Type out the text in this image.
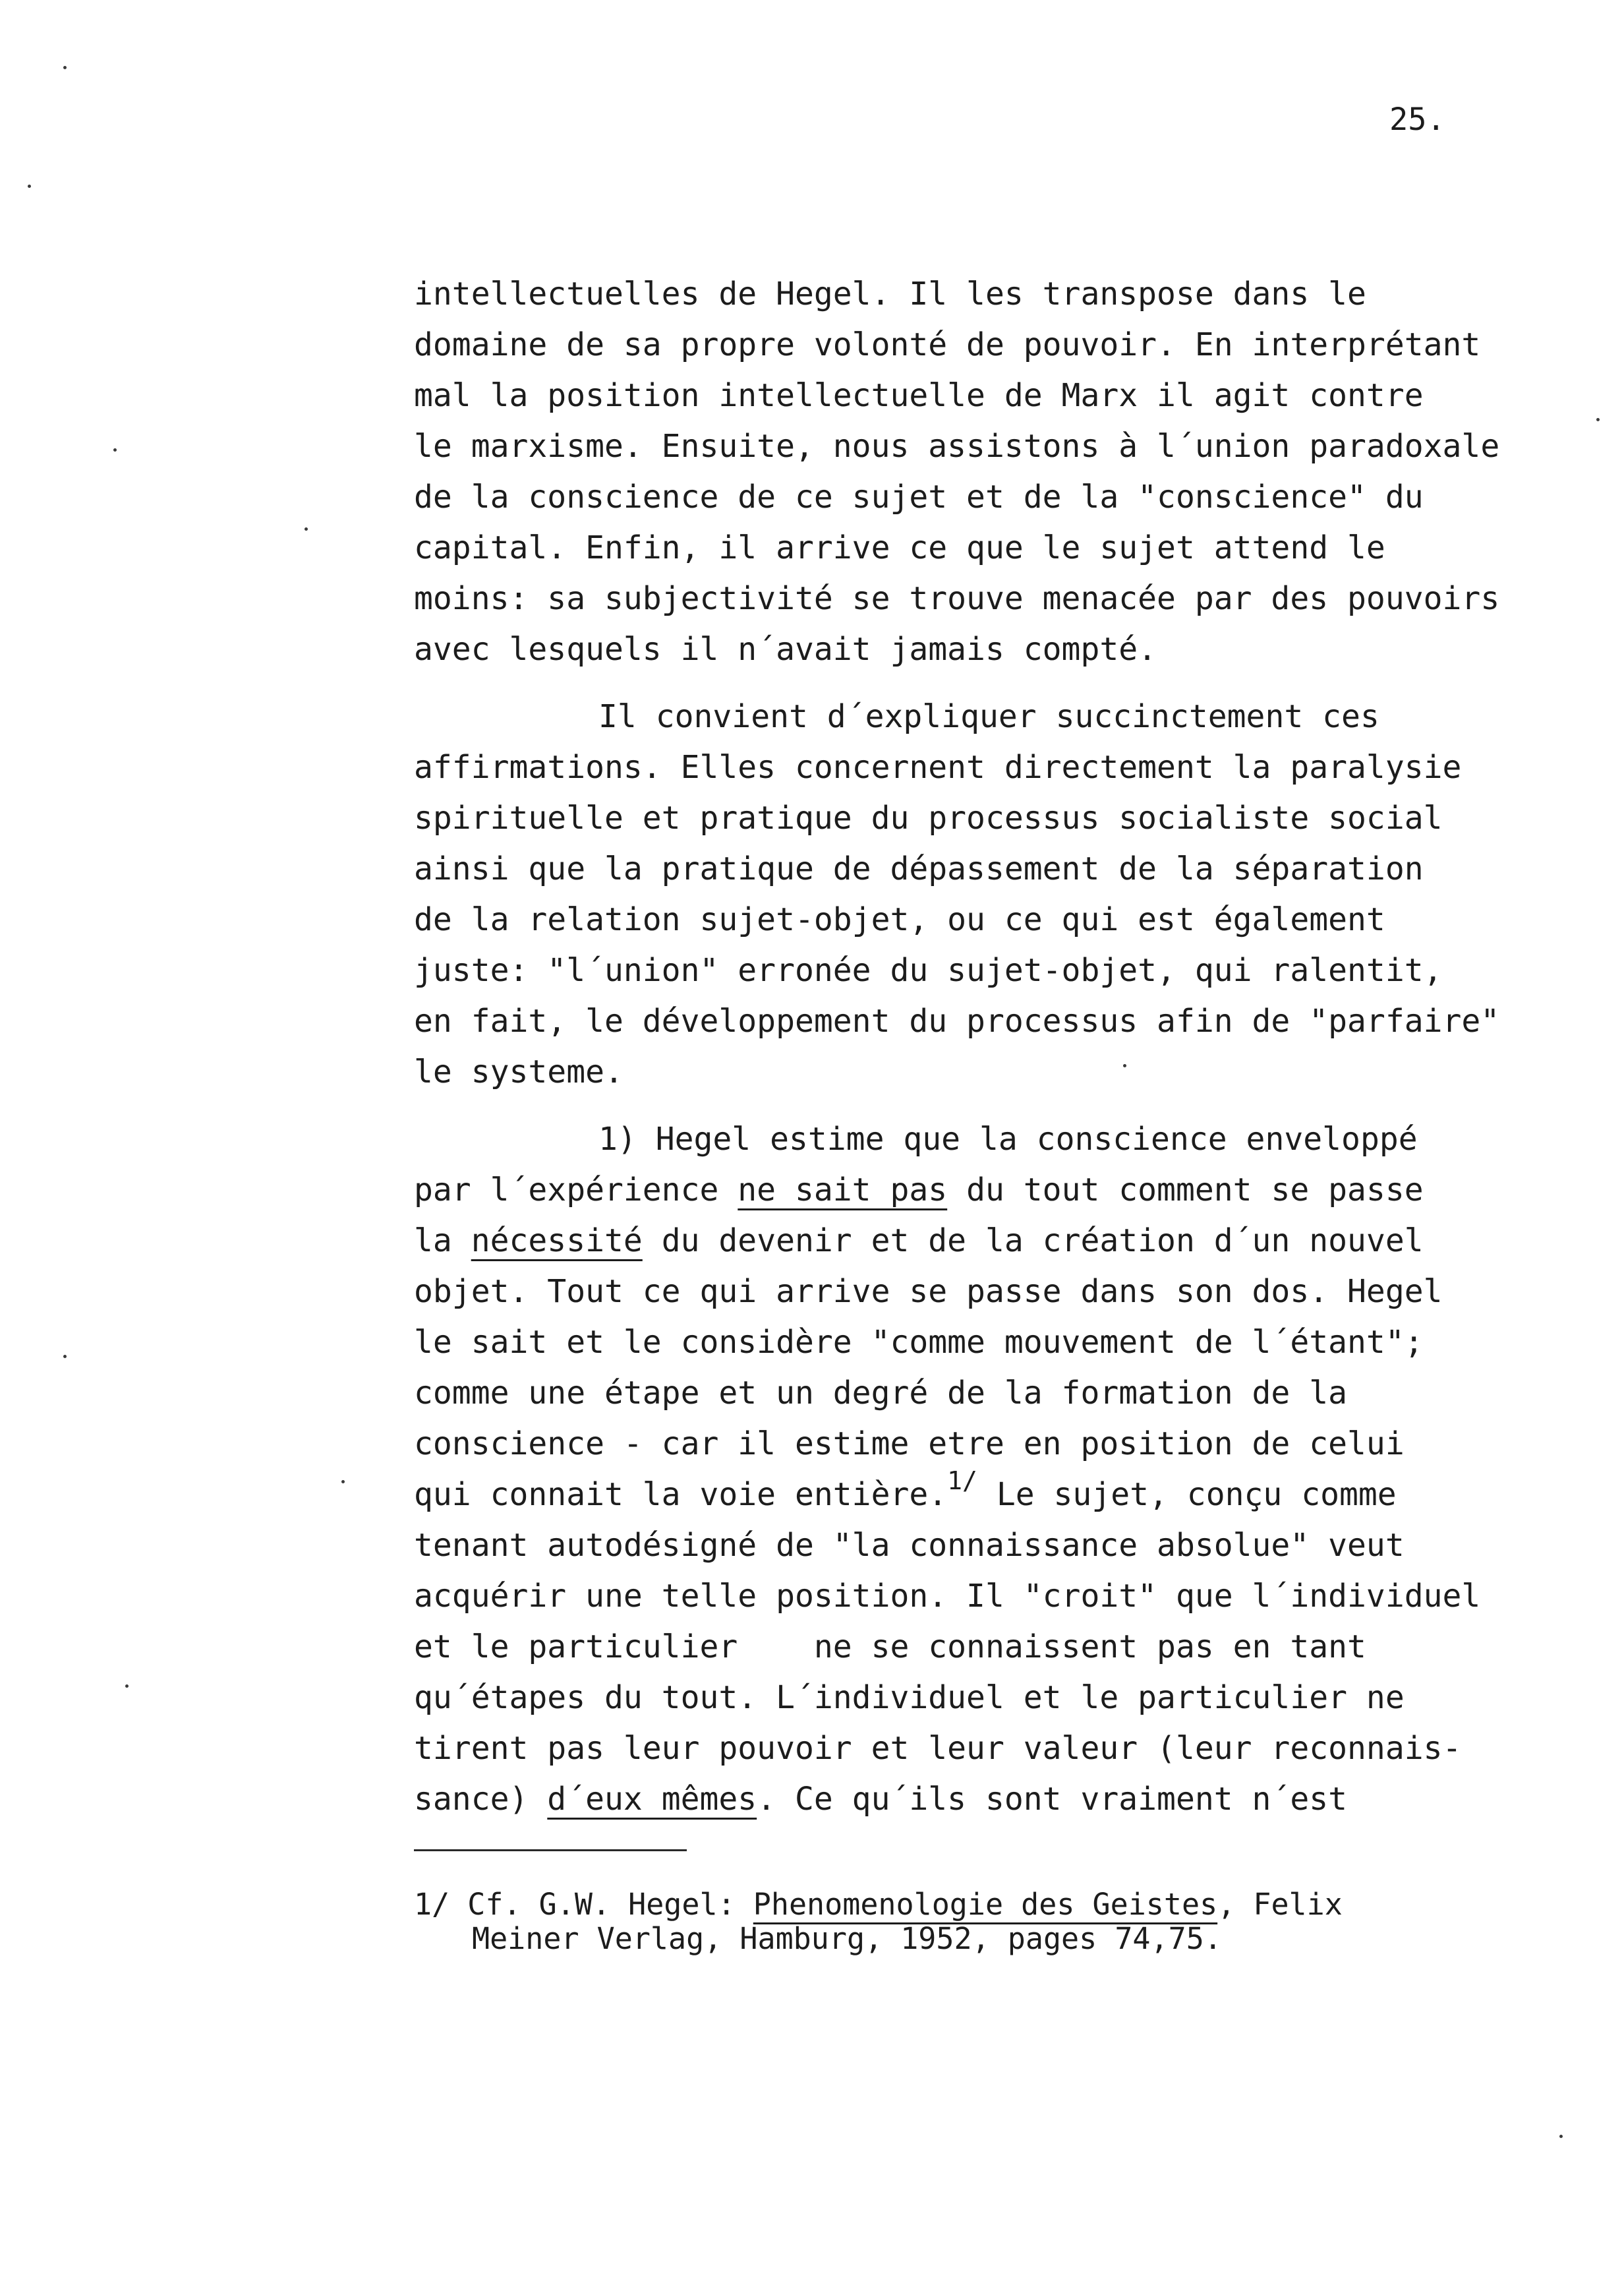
25.

intellectuelles de Hegel. Il les transpose dans le
domaine de sa propre volonté de pouvoir. En interprétant
mal la position intellectuelle de Marx il agit contre
le marxisme. Ensuite, nous assistons à l´union paradoxale
de la conscience de ce sujet et de la "conscience" du
capital. Enfin, il arrive ce que le sujet attend le
moins: sa subjectivité se trouve menacée par des pouvoirs
avec lesquels il n´avait jamais compté.

Il convient d´expliquer succinctement ces
affirmations. Elles concernent directement la paralysie
spirituelle et pratique du processus socialiste social
ainsi que la pratique de dépassement de la séparation
de la relation sujet-objet, ou ce qui est également
juste: "l´union" erronée du sujet-objet, qui ralentit,
en fait, le développement du processus afin de "parfaire"
le systeme.

1) Hegel estime que la conscience enveloppé
par l´expérience ne sait pas du tout comment se passe
la nécessité du devenir et de la création d´un nouvel
objet. Tout ce qui arrive se passe dans son dos. Hegel
le sait et le considère "comme mouvement de l´étant";
comme une étape et un degré de la formation de la
conscience - car il estime etre en position de celui
qui connait la voie entière.$^{1/}$ Le sujet, conçu comme
tenant autodésigné de "la connaissance absolue" veut
acquérir une telle position. Il "croit" que l´individuel
et le particulier    ne se connaissent pas en tant
qu´étapes du tout. L´individuel et le particulier ne
tirent pas leur pouvoir et leur valeur (leur reconnais-
sance) d´eux mêmes. Ce qu´ils sont vraiment n´est

1/ Cf. G.W. Hegel: Phenomenologie des Geistes, Felix
Meiner Verlag, Hamburg, 1952, pages 74,75.
